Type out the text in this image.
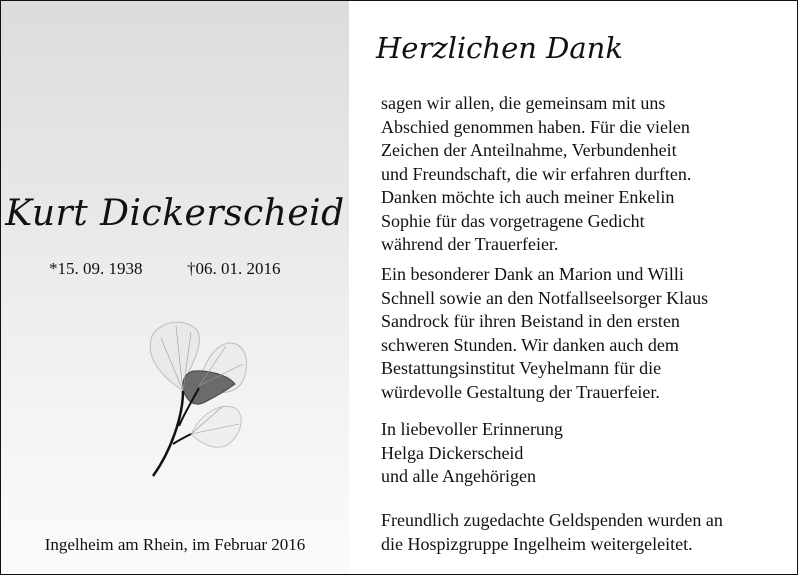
Kurt Dickerscheid
*15. 09. 1938	†06. 01. 2016
Ingelheim am Rhein, im Februar 2016
Herzlichen Dank
sagen wir allen, die gemeinsam mit uns
Abschied genommen haben. Für die vielen
Zeichen der Anteilnahme, Verbundenheit
und Freundschaft, die wir erfahren durften.
Danken möchte ich auch meiner Enkelin
Sophie für das vorgetragene Gedicht
während der Trauerfeier.
Ein besonderer Dank an Marion und Willi
Schnell sowie an den Notfallseelsorger Klaus
Sandrock für ihren Beistand in den ersten
schweren Stunden. Wir danken auch dem
Bestattungsinstitut Veyhelmann für die
würdevolle Gestaltung der Trauerfeier.
In liebevoller Erinnerung
Helga Dickerscheid
und alle Angehörigen
Freundlich zugedachte Geldspenden wurden an
die Hospizgruppe Ingelheim weitergeleitet.
